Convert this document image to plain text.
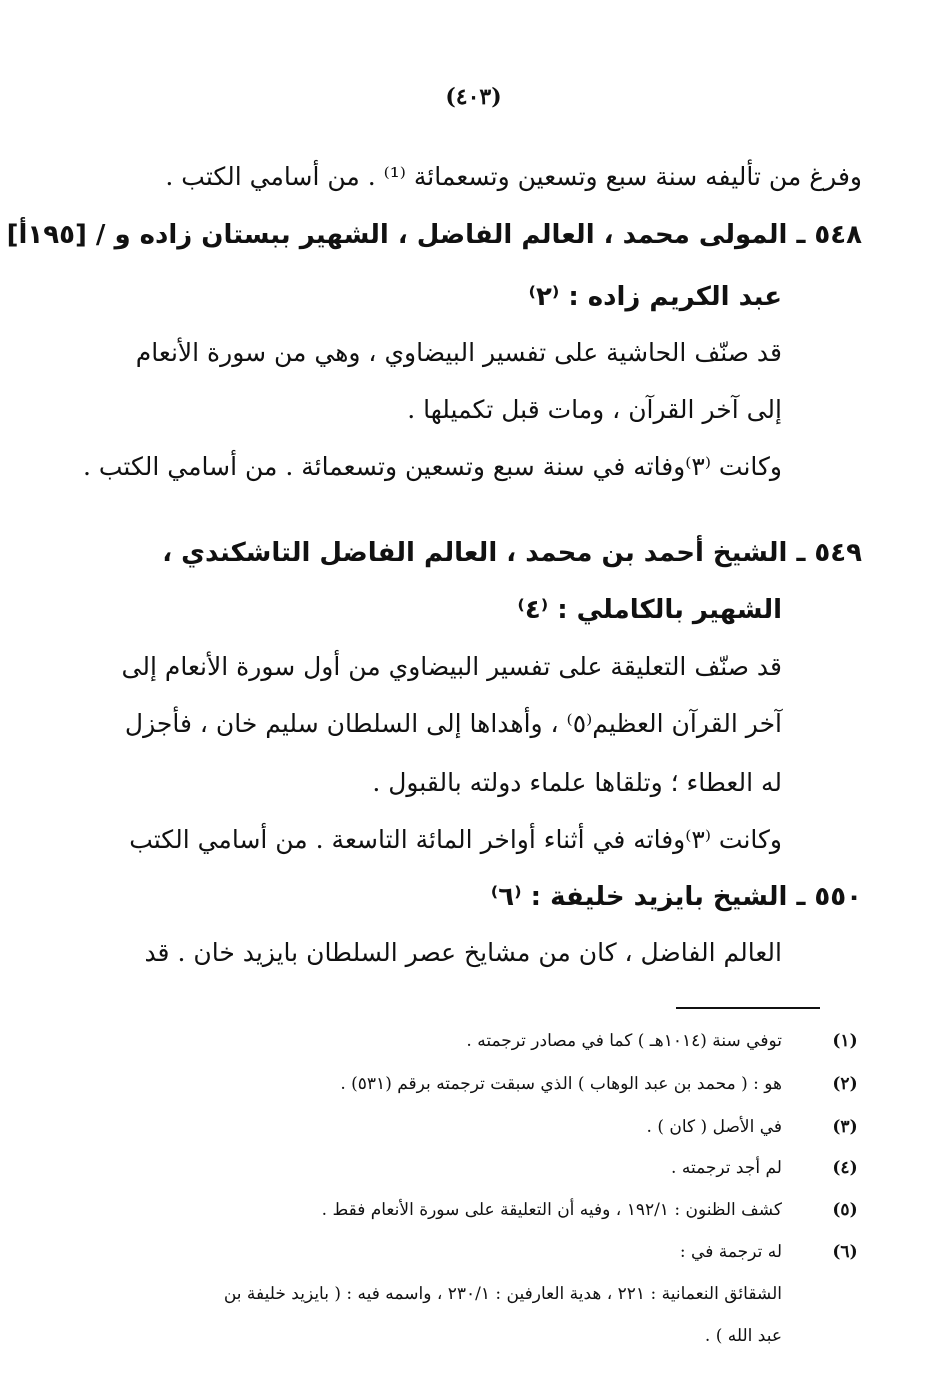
(٤٠٣)
وفرغ من تأليفه سنة سبع وتسعين وتسعمائة ⁽¹⁾ . من أسامي الكتب .
٥٤٨ ـ المولى محمد ، العالم الفاضل ، الشهير ببستان زاده و / [١٩٥أ]
عبد الكريم زاده : ⁽٢⁾
قد صنّف الحاشية على تفسير البيضاوي ، وهي من سورة الأنعام
إلى آخر القرآن ، ومات قبل تكميلها .
وكانت ⁽٣⁾وفاته في سنة سبع وتسعين وتسعمائة . من أسامي الكتب .
٥٤٩ ـ الشيخ أحمد بن محمد ، العالم الفاضل التاشكندي ،
الشهير بالكاملي : ⁽٤⁾
قد صنّف التعليقة على تفسير البيضاوي من أول سورة الأنعام إلى
آخر القرآن العظيم⁽٥⁾ ، وأهداها إلى السلطان سليم خان ، فأجزل
له العطاء ؛ وتلقاها علماء دولته بالقبول .
وكانت ⁽٣⁾وفاته في أثناء أواخر المائة التاسعة . من أسامي الكتب
٥٥٠ ـ الشيخ بايزيد خليفة : ⁽٦⁾
العالم الفاضل ، كان من مشايخ عصر السلطان بايزيد خان . قد
(١)
توفي سنة (١٠١٤هـ ) كما في مصادر ترجمته .
(٢)
هو : ( محمد بن عبد الوهاب ) الذي سبقت ترجمته برقم (٥٣١) .
(٣)
في الأصل ( كان ) .
(٤)
لم أجد ترجمته .
(٥)
كشف الظنون : ١٩٢/١ ، وفيه أن التعليقة على سورة الأنعام فقط .
(٦)
له ترجمة في :
الشقائق النعمانية : ٢٢١ ، هدية العارفين : ٢٣٠/١ ، واسمه فيه : ( بايزيد خليفة بن
عبد الله ) .
